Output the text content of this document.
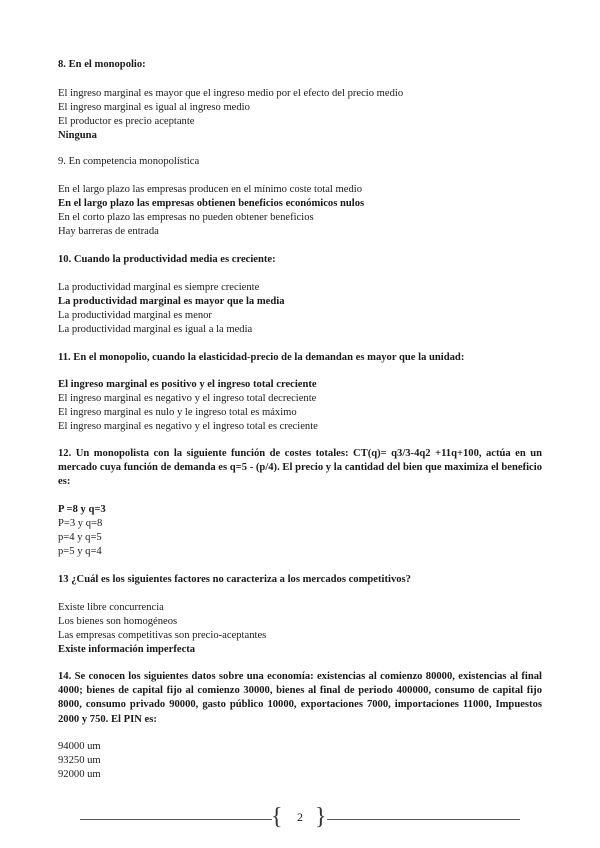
8. En el monopolio:
El ingreso marginal es mayor que el ingreso medio por el efecto del precio medio
El ingreso marginal es igual al ingreso medio
El productor es precio aceptante
Ninguna
9. En competencia monopolística
En el largo plazo las empresas producen en el mínimo coste total medio
En el largo plazo las empresas obtienen beneficios económicos nulos
En el corto plazo las empresas no pueden obtener beneficios
Hay barreras de entrada
10. Cuando la productividad media es creciente:
La productividad marginal es siempre creciente
La productividad marginal es mayor que la media
La productividad marginal es menor
La productividad marginal es igual a la media
11. En el monopolio, cuando la elasticidad-precio de la demandan es mayor que la unidad:
El ingreso marginal es positivo y el ingreso total creciente
El ingreso marginal es negativo y el ingreso total decreciente
El ingreso marginal es nulo y le ingreso total es máximo
El ingreso marginal es negativo y el ingreso total es creciente
12. Un monopolista con la siguiente función de costes totales: CT(q)= q3/3-4q2 +11q+100, actúa en un mercado cuya función de demanda es q=5 - (p/4). El precio y la cantidad del bien que maximiza el beneficio es:
P =8 y q=3
P=3 y q=8
p=4 y q=5
p=5 y q=4
13 ¿Cuál es los siguientes factores no caracteriza a los mercados competitivos?
Existe libre concurrencia
Los bienes son homogéneos
Las empresas competitivas son precio-aceptantes
Existe información imperfecta
14. Se conocen los siguientes datos sobre una economía: existencias al comienzo 80000, existencias al final 4000; bienes de capital fijo al comienzo 30000, bienes al final de periodo 400000, consumo de capital fijo 8000, consumo privado 90000, gasto público 10000, exportaciones 7000, importaciones 11000, Impuestos 2000 y 750. El PIN es:
94000 um
93250 um
92000 um
{	2 }
